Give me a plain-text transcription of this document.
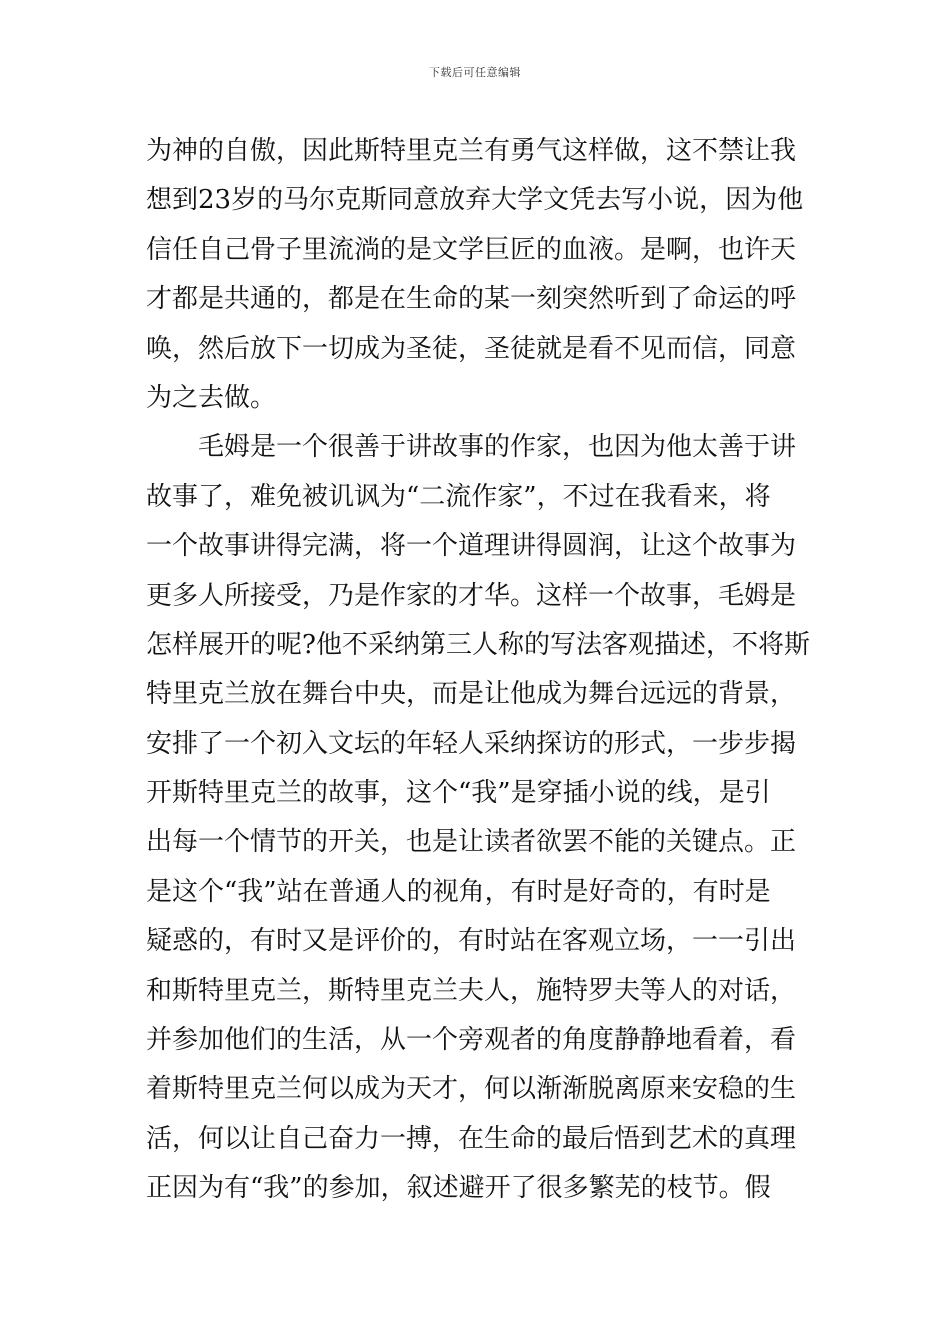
下载后可任意编辑
为神的自傲，因此斯特里克兰有勇气这样做，这不禁让我
想到23岁的马尔克斯同意放弃大学文凭去写小说，因为他
信任自己骨子里流淌的是文学巨匠的血液。是啊，也许天
才都是共通的，都是在生命的某一刻突然听到了命运的呼
唤，然后放下一切成为圣徒，圣徒就是看不见而信，同意
为之去做。
　　毛姆是一个很善于讲故事的作家，也因为他太善于讲
故事了，难免被讥讽为“二流作家”，不过在我看来，将
一个故事讲得完满，将一个道理讲得圆润，让这个故事为
更多人所接受，乃是作家的才华。这样一个故事，毛姆是
怎样展开的呢?他不采纳第三人称的写法客观描述，不将斯
特里克兰放在舞台中央，而是让他成为舞台远远的背景，
安排了一个初入文坛的年轻人采纳探访的形式，一步步揭
开斯特里克兰的故事，这个“我”是穿插小说的线，是引
出每一个情节的开关，也是让读者欲罢不能的关键点。正
是这个“我”站在普通人的视角，有时是好奇的，有时是
疑惑的，有时又是评价的，有时站在客观立场，一一引出
和斯特里克兰，斯特里克兰夫人，施特罗夫等人的对话，
并参加他们的生活，从一个旁观者的角度静静地看着，看
着斯特里克兰何以成为天才，何以渐渐脱离原来安稳的生
活，何以让自己奋力一搏，在生命的最后悟到艺术的真理
正因为有“我”的参加，叙述避开了很多繁芜的枝节。假
